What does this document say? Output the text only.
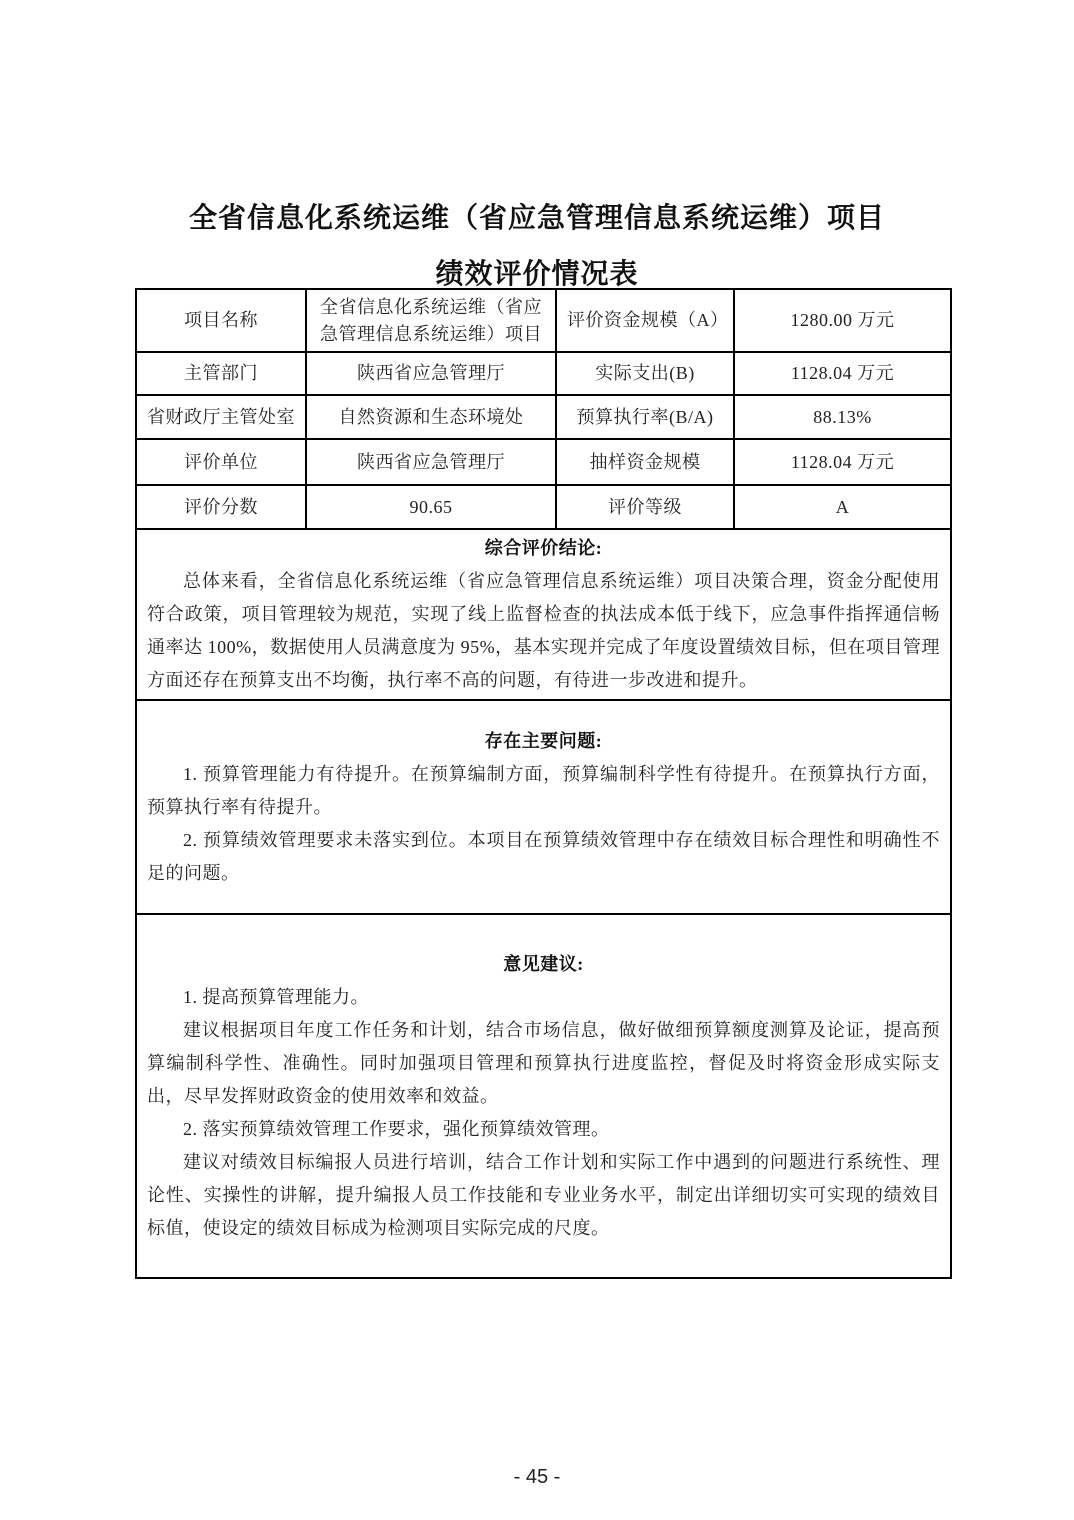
全省信息化系统运维（省应急管理信息系统运维）项目
绩效评价情况表
项目名称	全省信息化系统运维（省应急管理信息系统运维）项目	评价资金规模（A）	1280.00 万元
主管部门	陕西省应急管理厅	实际支出(B)	1128.04 万元
省财政厅主管处室	自然资源和生态环境处	预算执行率(B/A)	88.13%
评价单位	陕西省应急管理厅	抽样资金规模	1128.04 万元
评价分数	90.65	评价等级	A

综合评价结论:

总体来看，全省信息化系统运维（省应急管理信息系统运维）项目决策合理，资金分配使用符合政策，项目管理较为规范，实现了线上监督检查的执法成本低于线下，应急事件指挥通信畅通率达 100%，数据使用人员满意度为 95%，基本实现并完成了年度设置绩效目标，但在项目管理方面还存在预算支出不均衡，执行率不高的问题，有待进一步改进和提升。			

存在主要问题:

1. 预算管理能力有待提升。在预算编制方面，预算编制科学性有待提升。在预算执行方面，预算执行率有待提升。

2. 预算绩效管理要求未落实到位。本项目在预算绩效管理中存在绩效目标合理性和明确性不足的问题。			

意见建议:

1. 提高预算管理能力。

建议根据项目年度工作任务和计划，结合市场信息，做好做细预算额度测算及论证，提高预算编制科学性、准确性。同时加强项目管理和预算执行进度监控，督促及时将资金形成实际支出，尽早发挥财政资金的使用效率和效益。

2. 落实预算绩效管理工作要求，强化预算绩效管理。

建议对绩效目标编报人员进行培训，结合工作计划和实际工作中遇到的问题进行系统性、理论性、实操性的讲解，提升编报人员工作技能和专业业务水平，制定出详细切实可实现的绩效目标值，使设定的绩效目标成为检测项目实际完成的尺度。			

- 45 -
